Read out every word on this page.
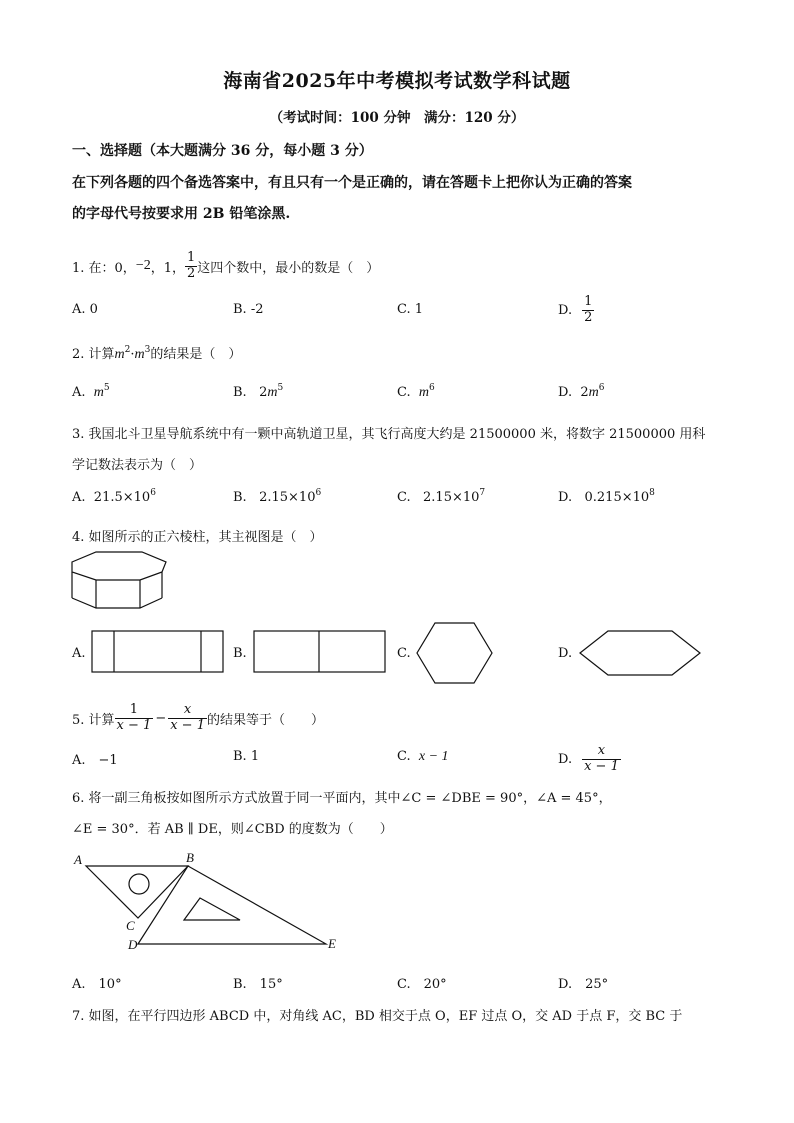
海南省2025年中考模拟考试数学科试题
（考试时间：100 分钟　满分：120 分）
一、选择题（本大题满分 36 分，每小题 3 分）
在下列各题的四个备选答案中，有且只有一个是正确的，请在答题卡上把你认为正确的答案
的字母代号按要求用 2B 铅笔涂黑.
1. 在：0， −2 ，1， $\frac{1}{2}$ 这四个数中，最小的数是（　）
A. 0	B. -2	C. 1	D. $\frac{1}{2}$
2. 计算$m^2\cdot m^3$的结果是（　）
A. $m^5$	B. $2m^5$	C. $m^6$	D. $2m^6$
3. 我国北斗卫星导航系统中有一颗中高轨道卫星，其飞行高度大约是 21500000 米，将数字 21500000 用科
学记数法表示为（　）
A. $21.5\times 10^6$	B. $2.15\times 10^6$	C. $2.15\times 10^7$	D. $0.215\times 10^8$
4. 如图所示的正六棱柱，其主视图是（　）
A.	B.	C.	D.
5. 计算 $\frac{1}{x - 1} - \frac{x}{x - 1}$ 的结果等于（　　）
A.　−1	B. 1	C. x − 1	D. $\frac{x}{x - 1}$
6. 将一副三角板按如图所示方式放置于同一平面内，其中∠C = ∠DBE = 90°，∠A = 45°，
∠E = 30°．若 AB ∥ DE，则∠CBD 的度数为（　　）
A	B
C
D	E
A.　10°	B.　15°	C.　20°	D.　25°
7. 如图，在平行四边形 ABCD 中，对角线 AC，BD 相交于点 O，EF 过点 O，交 AD 于点 F，交 BC 于
